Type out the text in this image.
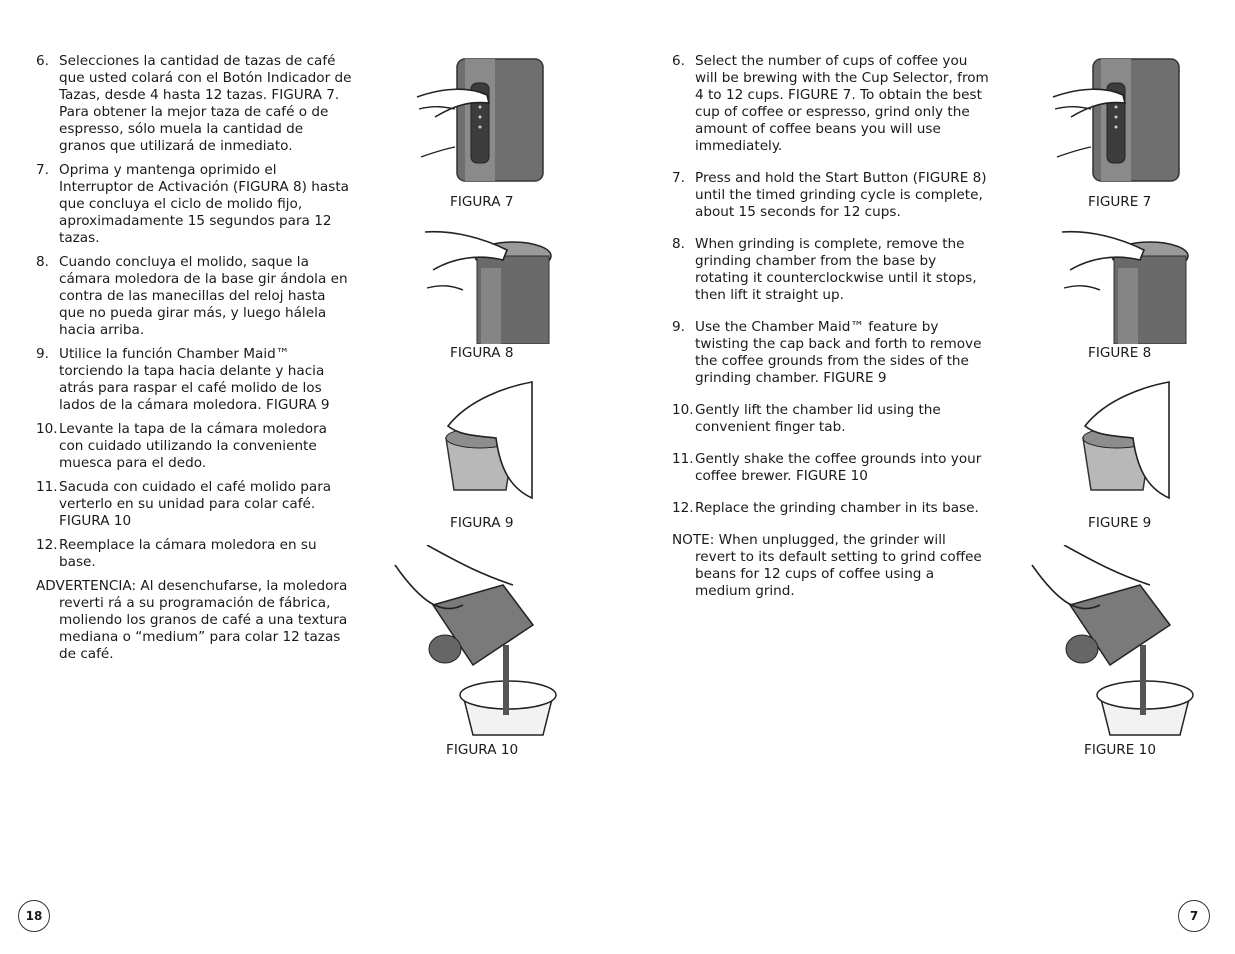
6. Selecciones la cantidad de tazas de café que usted colará con el Botón Indicador de Tazas, desde 4 hasta 12 tazas. FIGURA 7. Para obtener la mejor taza de café o de espresso, sólo muela la cantidad de granos que utilizará de inmediato.
7. Oprima y mantenga oprimido el Interruptor de Activación (FIGURA 8) hasta que concluya el ciclo de molido fijo, aproximadamente 15 segundos para 12 tazas.
8. Cuando concluya el molido, saque la cámara moledora de la base gir ándola en contra de las manecillas del reloj hasta que no pueda girar más, y luego hálela hacia arriba.
9. Utilice la función Chamber Maid™ torciendo la tapa hacia delante y hacia atrás para raspar el café molido de los lados de la cámara moledora. FIGURA 9
10. Levante la tapa de la cámara moledora con cuidado utilizando la conveniente muesca para el dedo.
11. Sacuda con cuidado el café molido para verterlo en su unidad para colar café. FIGURA 10
12. Reemplace la cámara moledora en su base.
ADVERTENCIA: Al desenchufarse, la moledora reverti rá a su programación de fábrica, moliendo los granos de café a una textura mediana o “medium” para colar 12 tazas de café.
6. Select the number of cups of coffee you will be brewing with the Cup Selector, from 4 to 12 cups. FIGURE 7. To obtain the best cup of coffee or espresso, grind only the amount of coffee beans you will use immediately.
7. Press and hold the Start Button (FIGURE 8) until the timed grinding cycle is complete, about 15 seconds for 12 cups.
8. When grinding is complete, remove the grinding chamber from the base by rotating it counterclockwise until it stops, then lift it straight up.
9. Use the Chamber Maid™ feature by twisting the cap back and forth to remove the coffee grounds from the sides of the grinding chamber. FIGURE 9
10. Gently lift the chamber lid using the convenient finger tab.
11. Gently shake the coffee grounds into your coffee brewer. FIGURE 10
12. Replace the grinding chamber in its base.
NOTE: When unplugged, the grinder will revert to its default setting to grind coffee beans for 12 cups of coffee using a medium grind.
FIGURA 7
FIGURA 8
FIGURA 9
FIGURA 10
FIGURE 7
FIGURE 8
FIGURE 9
FIGURE 10
18	7
